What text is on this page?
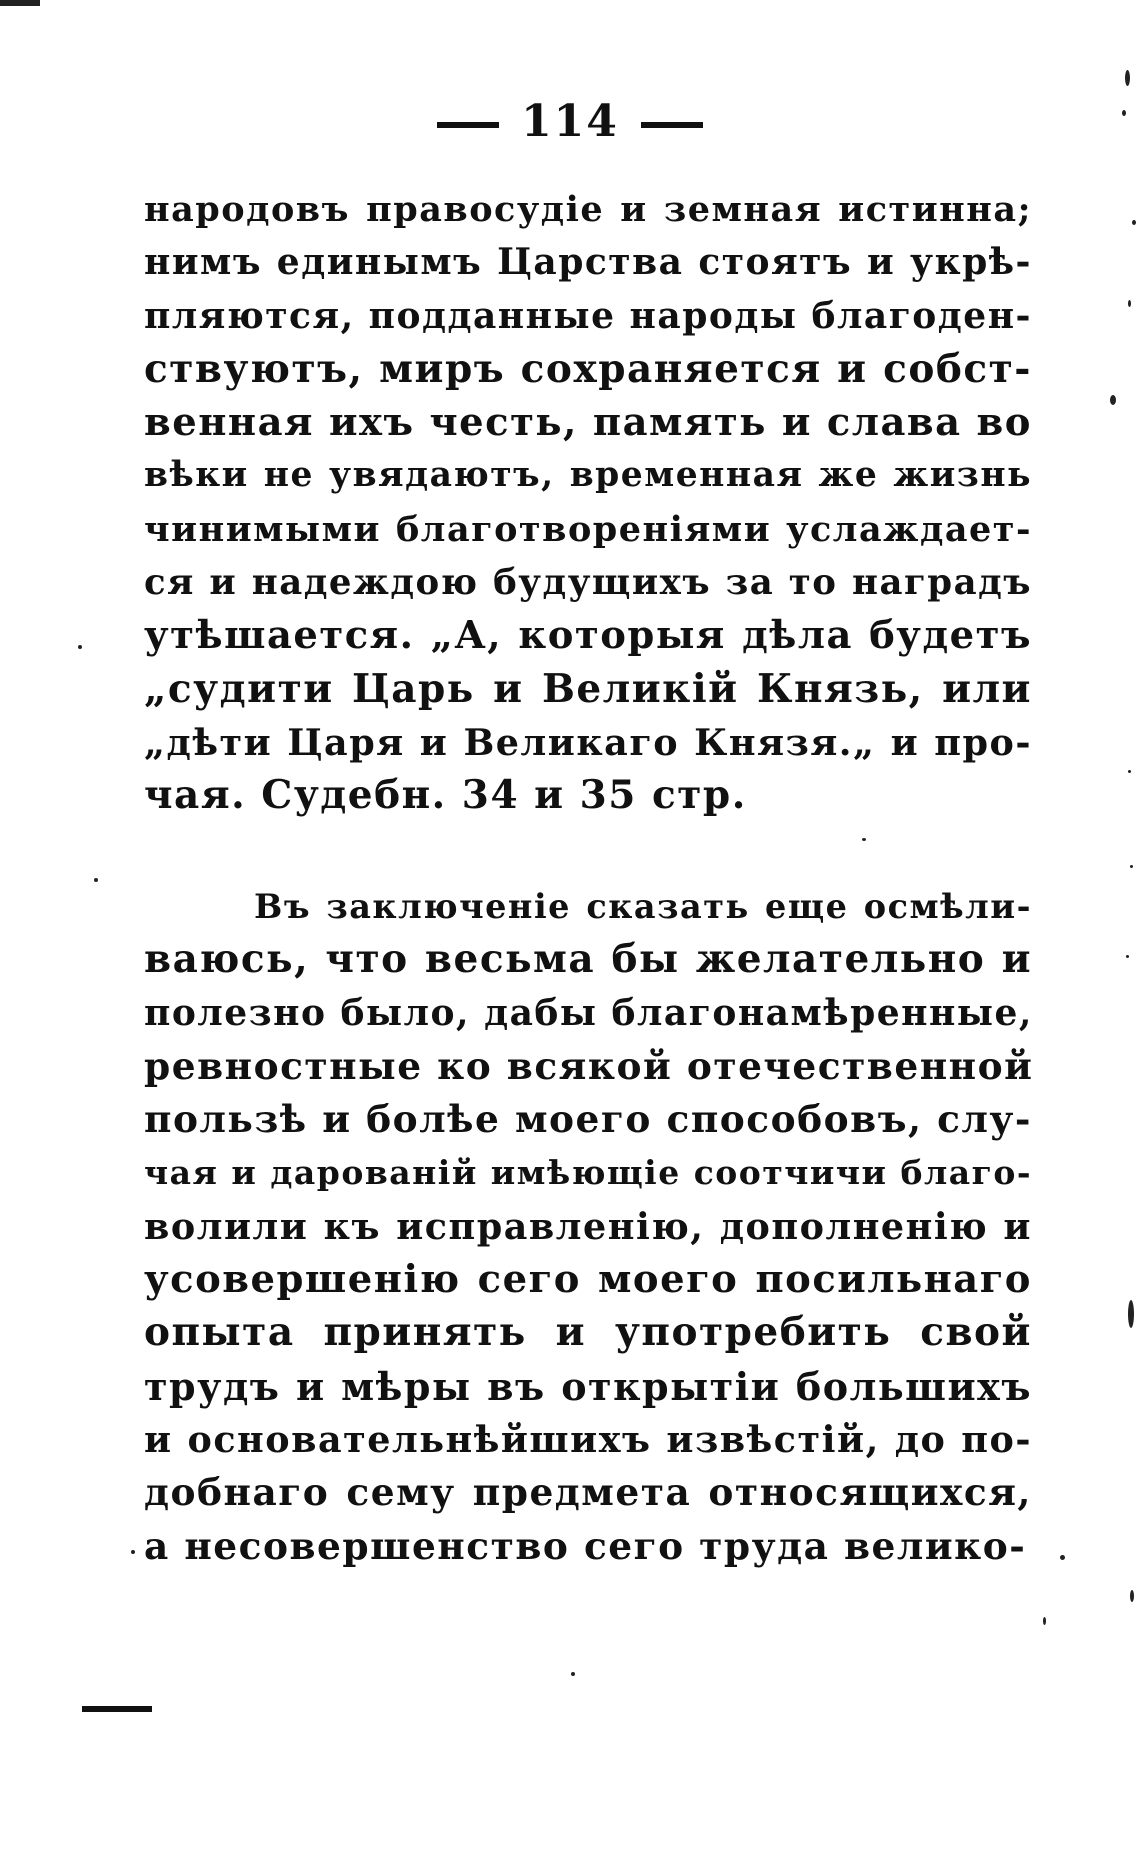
114
народовъ правосудіе и земная истинна;
нимъ единымъ Царства стоятъ и укрѣ-
пляются, подданные народы благоден-
ствуютъ, миръ сохраняется и собст-
венная ихъ честь, память и слава во
вѣки не увядаютъ, временная же жизнь
чинимыми благотвореніями услаждает-
ся и надеждою будущихъ за то наградъ
утѣшается. „А, которыя дѣла будетъ
„судити Царь и Великій Князь, или
„дѣти Царя и Великаго Князя.„ и про-
чая. Судебн. 34 и 35 стр.
Въ заключеніе сказать еще осмѣли-
ваюсь, что весьма бы желательно и
полезно было, дабы благонамѣренные,
ревностные ко всякой отечественной
пользѣ и болѣе моего способовъ, слу-
чая и дарованій имѣющіе соотчичи благо-
волили къ исправленію, дополненію и
усовершенію сего моего посильнаго
опыта принять и употребить свой
трудъ и мѣры въ открытіи большихъ
и основательнѣйшихъ извѣстій, до по-
добнаго сему предмета относящихся,
а несовершенство сего труда велико-
